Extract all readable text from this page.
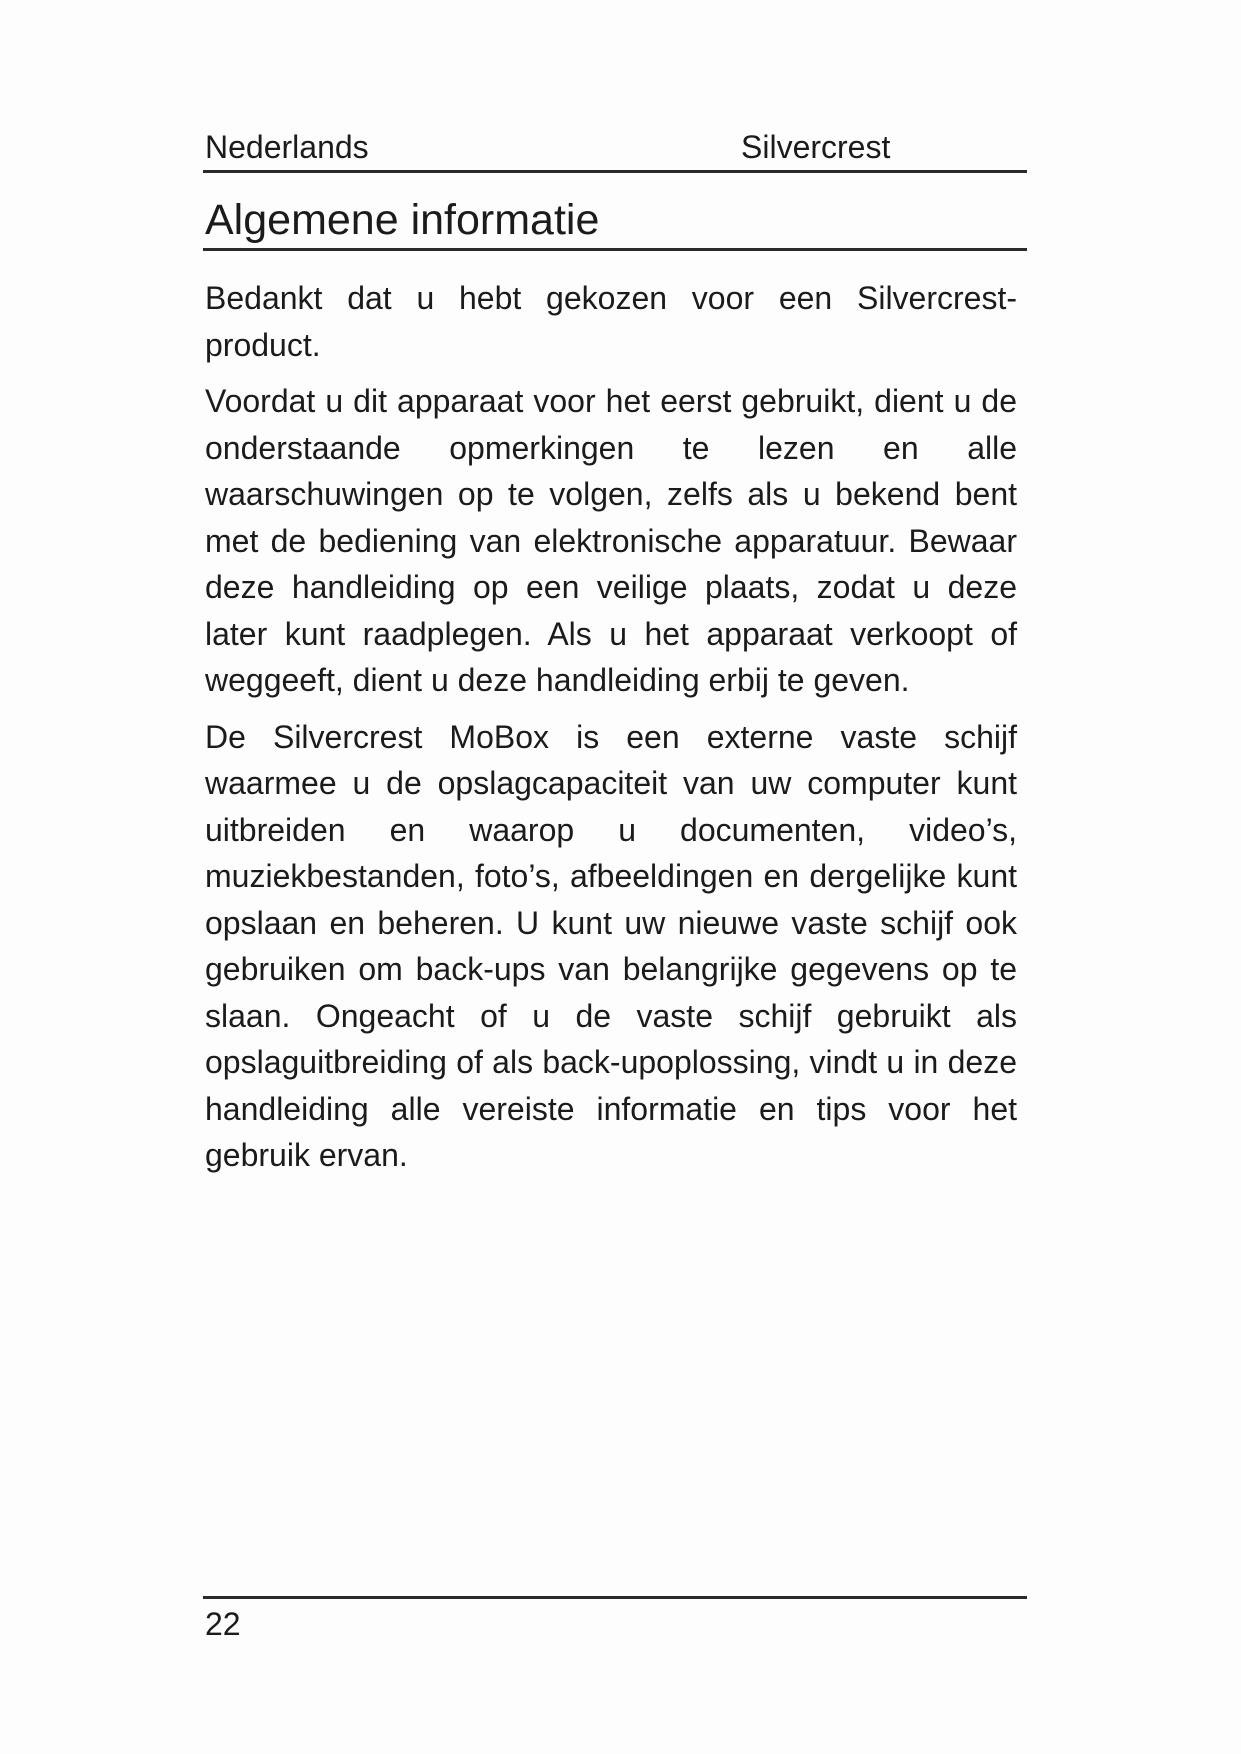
Nederlands	Silvercrest
Algemene informatie

Bedankt dat u hebt gekozen voor een Silvercrest-product.

Voordat u dit apparaat voor het eerst gebruikt, dient u de onderstaande opmerkingen te lezen en alle waarschuwingen op te volgen, zelfs als u bekend bent met de bediening van elektronische apparatuur. Bewaar deze handleiding op een veilige plaats, zodat u deze later kunt raadplegen. Als u het apparaat verkoopt of weggeeft, dient u deze handleiding erbij te geven.

De Silvercrest MoBox is een externe vaste schijf waarmee u de opslagcapaciteit van uw computer kunt uitbreiden en waarop u documenten, video’s, muziekbestanden, foto’s, afbeeldingen en dergelijke kunt opslaan en beheren. U kunt uw nieuwe vaste schijf ook gebruiken om back-ups van belangrijke gegevens op te slaan. Ongeacht of u de vaste schijf gebruikt als opslaguitbreiding of als back-upoplossing, vindt u in deze handleiding alle vereiste informatie en tips voor het gebruik ervan.

22
